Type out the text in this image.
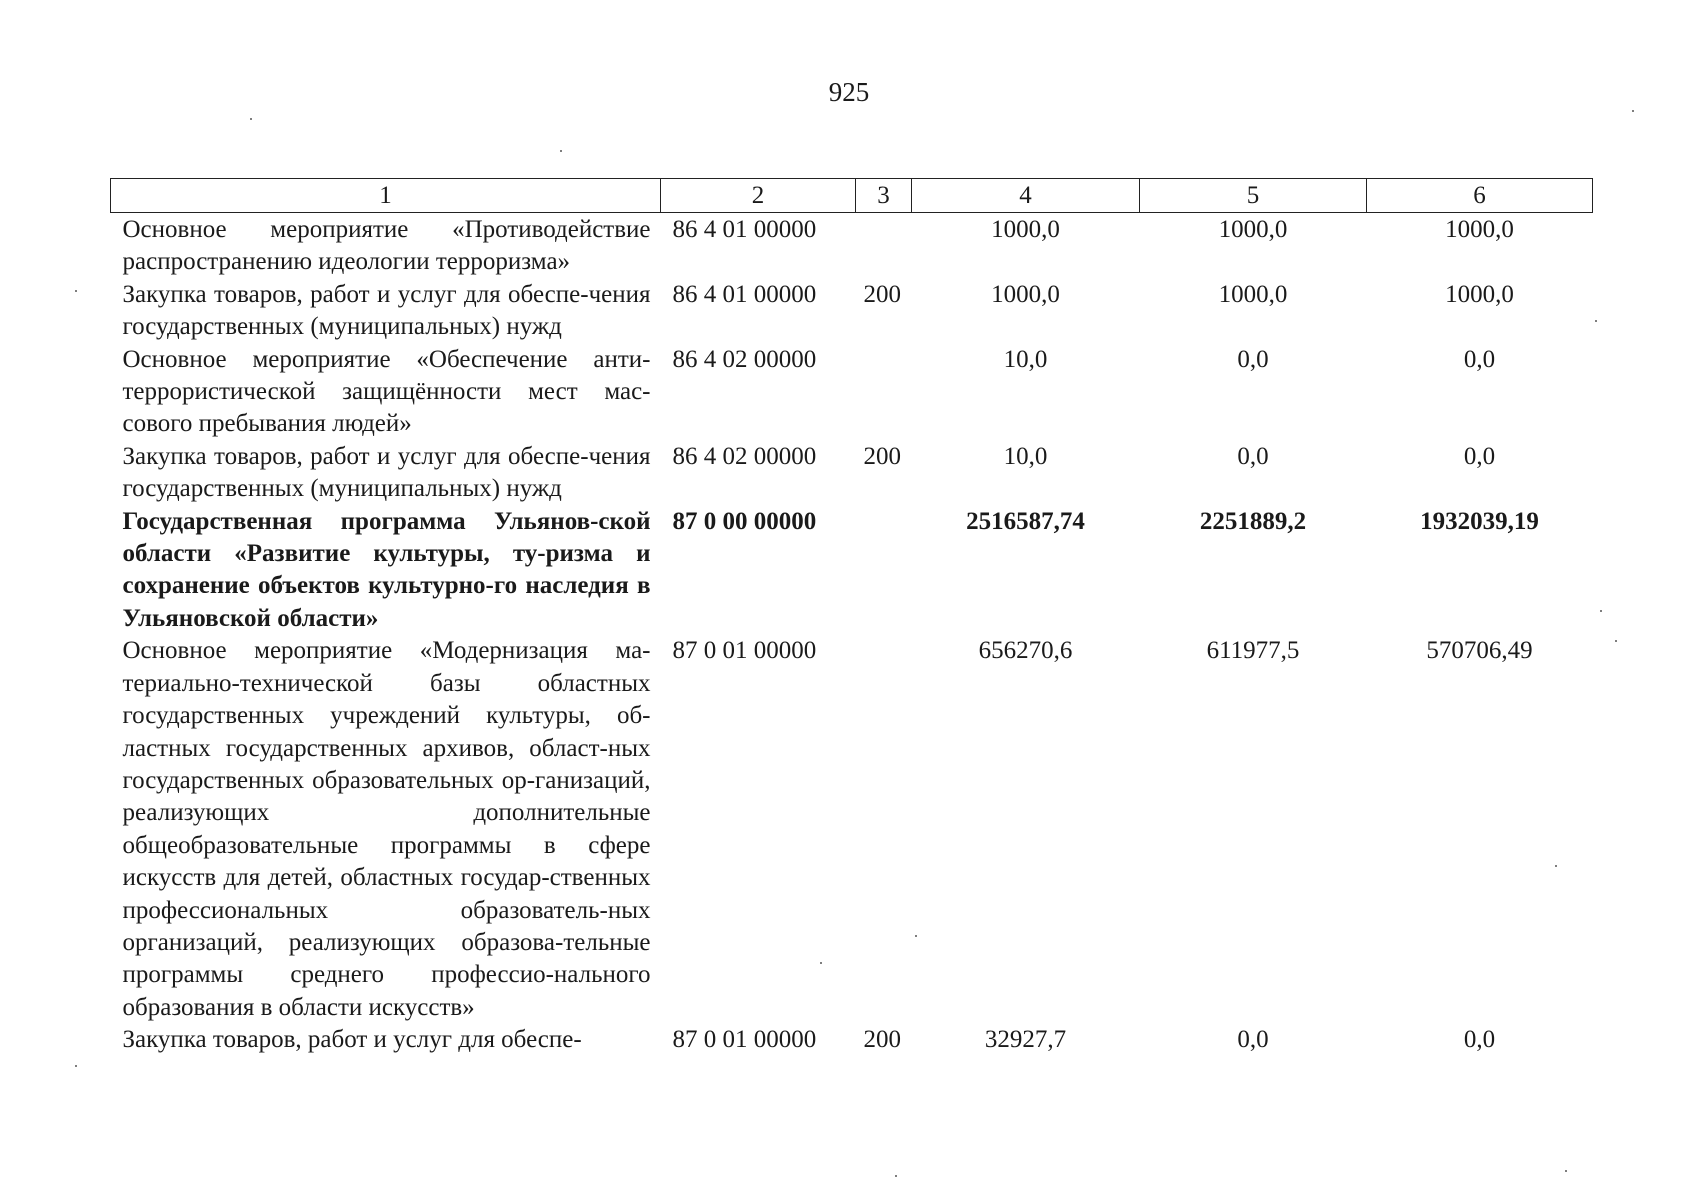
925
1	2	3	4	5	6
Основное мероприятие «Противодействие распространению идеологии терроризма»	86 4 01 00000		1000,0	1000,0	1000,0
Закупка товаров, работ и услуг для обеспе-чения государственных (муниципальных) нужд	86 4 01 00000	200	1000,0	1000,0	1000,0
Основное мероприятие «Обеспечение анти-террористической защищённости мест мас-сового пребывания людей»	86 4 02 00000		10,0	0,0	0,0
Закупка товаров, работ и услуг для обеспе-чения государственных (муниципальных) нужд	86 4 02 00000	200	10,0	0,0	0,0
Государственная программа Ульянов-ской области «Развитие культуры, ту-ризма и сохранение объектов культурно-го наследия в Ульяновской области»	87 0 00 00000		2516587,74	2251889,2	1932039,19
Основное мероприятие «Модернизация ма-териально-технической базы областных государственных учреждений культуры, об-ластных государственных архивов, област-ных государственных образовательных ор-ганизаций, реализующих дополнительные общеобразовательные программы в сфере искусств для детей, областных государ-ственных профессиональных образователь-ных организаций, реализующих образова-тельные программы среднего профессио-нального образования в области искусств»	87 0 01 00000		656270,6	611977,5	570706,49
Закупка товаров, работ и услуг для обеспе-	87 0 01 00000	200	32927,7	0,0	0,0
